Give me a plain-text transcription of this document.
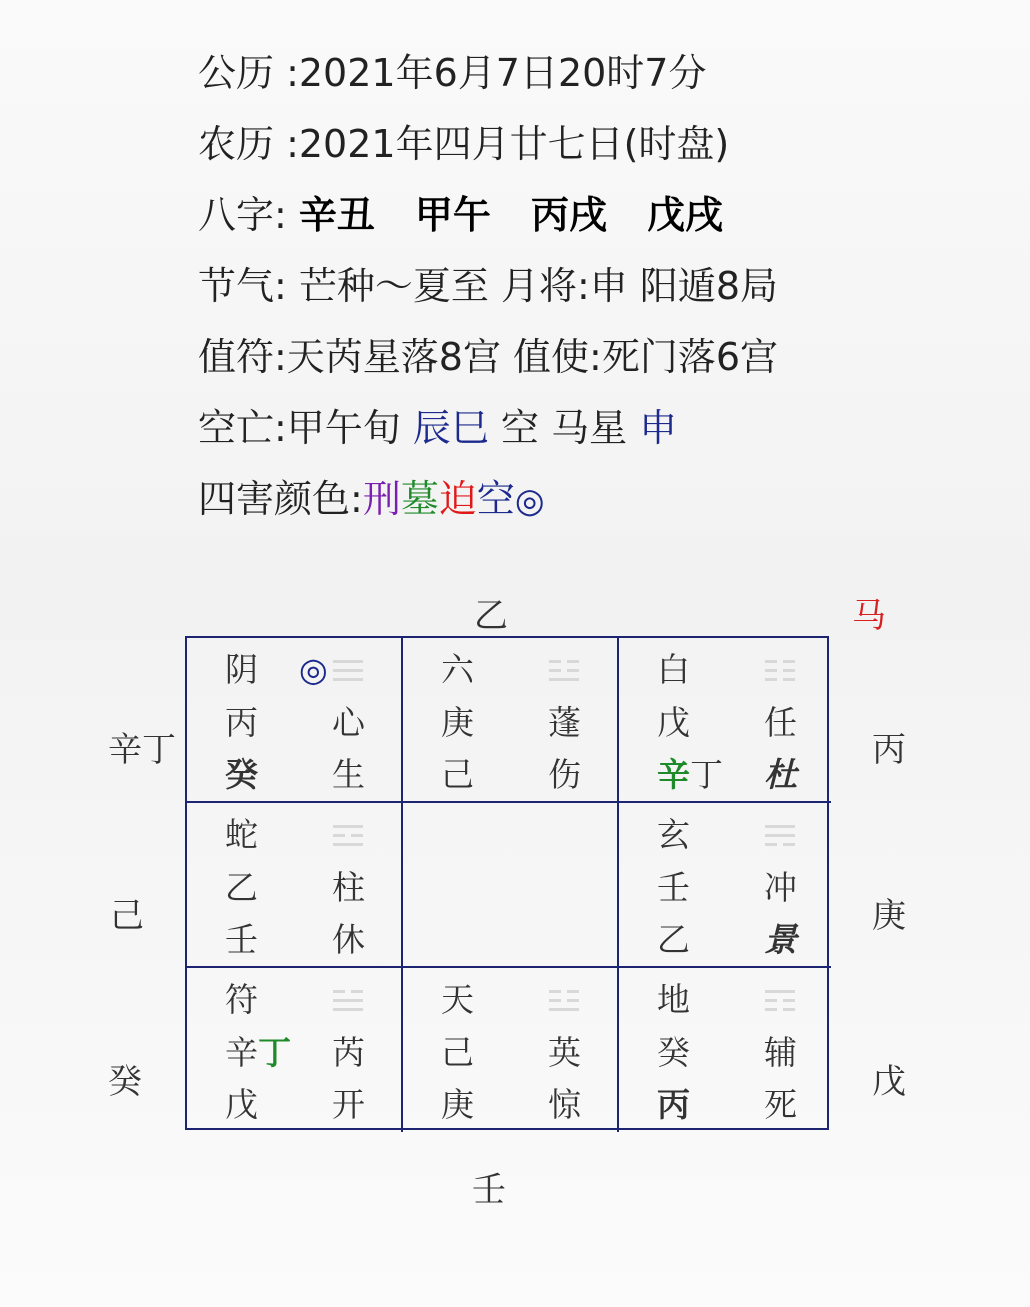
公历 :2021年6月7日20时7分
农历 :2021年四月廿七日(时盘)
八字: 辛丑 甲午 丙戌 戊戌
节气: 芒种～夏至 月将:申 阳遁8局
值符:天芮星落8宫 值使:死门落6宫
空亡:甲午旬 辰巳 空 马星 申
四害颜色:刑墓迫空◎
乙	马
辛丁
己
癸
丙
庚
戊
壬
阴 ◎
丙 心
癸 生
六
庚 蓬
己 伤
白
戊 任
辛丁 杜
蛇
乙 柱
壬 休
玄
壬 冲
乙 景
符
辛丁 芮
戊 开
天
己 英
庚 惊
地
癸 辅
丙 死
